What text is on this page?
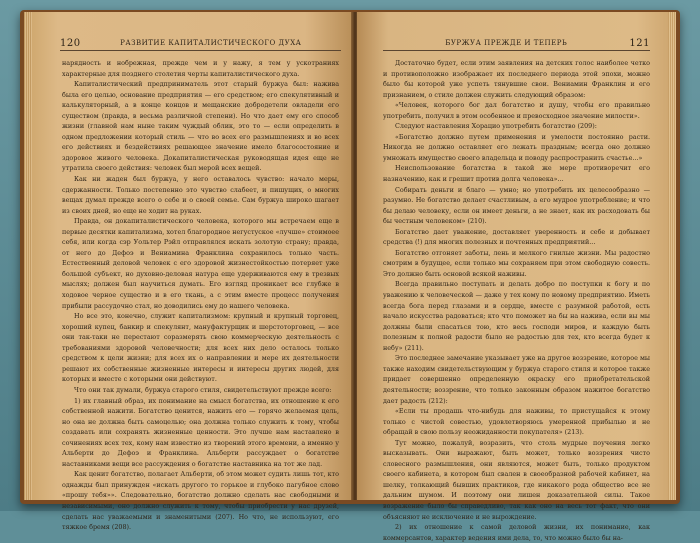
120	РАЗВИТИЕ КАПИТАЛИСТИЧЕСКОГО ДУХА

нарядность и нобрежная, прежде чем и у нажу, я тем у ускотраниях характерные для позднего столетия черты капиталистического духа.

Капиталистический предприниматель этот старый буржуа был: нажива была его целью, основание предприятия — его средством; его спекулятивный и калькуляторный, а в конце концов и мещанские добродетели овладели его существом (правда, в весьма различной степени). Но что дает ему его способ жизни (главной нам ныне таким чуждый облик, это то — если определить в одном предложении который стиль — что во всех его размышлениях и во всех его действиях и бездействиях решающее значение имело благосостояние и здоровое живого человека. Докапиталистическая руководящая идея еще не утратила своего действия: человек был мерой всех вещей.

Как ни жаден был буржуа, у него оставалось чувство: начало меры, сдержанности. Только постепенно это чувство слабеет, и пишущих, о многих вещах думал прежде всего о себе и о своей семье. Сам буржуа широко шагает из своих дней, но еще не ходит на руках.

Правда, он докапиталистического человека, которого мы встречаем еще в первые десятки капитализма, хотел благородное негустуское «лучше» стоимоее себя, или когда сэр Уольтер Рэйл отправлялся искать золотую страну; правда, от него до Дефоэ и Вениамина Франклина сохранилось только часть. Естественный деловой человек с его здоровой жизнестойкостью потеряет уже большой субъект, но духовно-деловая натура еще удерживаются ему в трезвых мыслях; должен был научиться думать. Его взгляд проникает все глубже в ходовое черное существо и в его ткань, а с этим вместе процесс получения прибыли рассудочно стал, но доводились ему до нашего человека.

Но все это, конечно, служит капитализмом: крупный и крупный торговец, хороший купец, банкир и спекулянт, мануфактурщик и шерстоторговец, — все они так-таки не перестают соразмерять свою коммерческую деятельность с требованиями здоровой человечности; для всех них дело осталось только средством к цели жизни; для всех их о направлении и мере их деятельности решают их собственные жизненные интересы и интересы других людей, для которых и вместе с которыми они действуют.

Что они так думали, буржуа старого стиля, свидетельствуют прежде всего:

1) их главный образ, их понимание на смысл богатства, их отношение к его собственной нажити. Богатство ценится, нажить его — горячо желаемая цель, но она не должна быть самоцелью; она должна только служить к тому, чтобы создавать или сохранять жизненные ценности. Это лучше нам наставлено в сочинениях всех тех, кому нам известно из творений этого времени, а именно у Альберти до Дефоэ и Франклина. Альберти рассуждает о богатстве наставниками вещи все рассуждения о богатстве наставника на тот же лад.

Как ценит богатство, полагает Альберти, об этом может судить лишь тот, кто однажды был принужден «искать другого то горькое и глубоко пагубное слово «прошу тебя»». Следовательно, богатство должно сделать нас свободными и независимыми, оно должно служить к тому, чтобы приобрести у нас друзей, сделать нас уважаемыми и знаменитыми (207). Но что, не используют, его тяжкое бремя (208).

БУРЖУА ПРЕЖДЕ И ТЕПЕРЬ	121

Достаточно будет, если этим заявления на детских голос наиболее четко и противоположно изображает их последнего периода этой эпохи, можно было бы которой уже успеть тянувшие свои. Вениамин Франклин и его признанием, о стиле должен служить следующий образом:

«Человек, которого бог дал богатство и душу, чтобы его правильно употребить, получил в этом особенное и превосходное значение милости».

Следуют наставления Хорацио употребить богатство (209):

«Богатство должно путем применения и умелости постоянно расти. Никогда не должно оставляет его лежать праздным; всегда оно должно умножать имущество своего владельца и поводу распространить счастье...»

Неиспользование богатства в такой же мере противоречит его назначению, как и грешит против долга человека»...

Собирать деньги и благо — умно; но употребить их целесообразно — разумно. Не богатство делает счастливым, а его мудрое употребление; и что бы делаю человеку, если он имеет деньги, а не знает, как их расходовать бы бы честным человеком» (210).

Богатство дает уважение, доставляет уверенность и себе и добывает средства (!) для многих полезных и почтенных предприятий...

Богатство отгоняет заботы, лень и мелкого гнилые жизни. Мы радостно смотрим в будущее, если только мы сохраняем при этом свободную совесть. Это должно быть основой всякой наживы.

Всегда правильно поступать и делать добро по поступки к богу и по уважению к человеческой — даже у тех кому по новому предприятию. Иметь всегда бога перед глазами и в сердце, вместе с разумной работой, есть начало искусства радоваться; кто что поможет на бы на нажива, если вы мы должны были спасаться тою, кто весь господи миров, и каждую быть полезным к полной радости было не радостью для тех, кто всегда будет к небу» (211).

Это последнее замечание указывает уже на другое воззрение, которое мы также находим свидетельствующим у буржуа старого стиля и которое также придает совершенно определенную окраску его приобретательской деятельности; воззрение, что только законным образом нажитое богатство дает радость (212):

«Если ты продашь что-нибудь для наживы, то пристущайся к этому только с чистой совестью, удовлетворяюсь умеренной прибылью и не обращай в свою пользу неожиданности покупателя» (213).

Тут можно, пожалуй, возразить, что столь мудрые поучения легко высказывать. Они выражают, быть может, только воззрения чисто словесного размышления, они являются, может быть, только продуктом своего кабинета, в котором был свален в своеобразной рабочей кабинет, на шелку, толкающий бывших практиков, где никакого рода общество все не дальним шумом. И поэтому они лишен доказательной силы. Такое возражение было бы справедливо, так как оно на весь тот факт, что они объясняют не исключение и не вырождение.

2) их отношение к самой деловой жизни, их понимание, как коммерсантов, характер ведения ими дела, то, что можно было бы на-
